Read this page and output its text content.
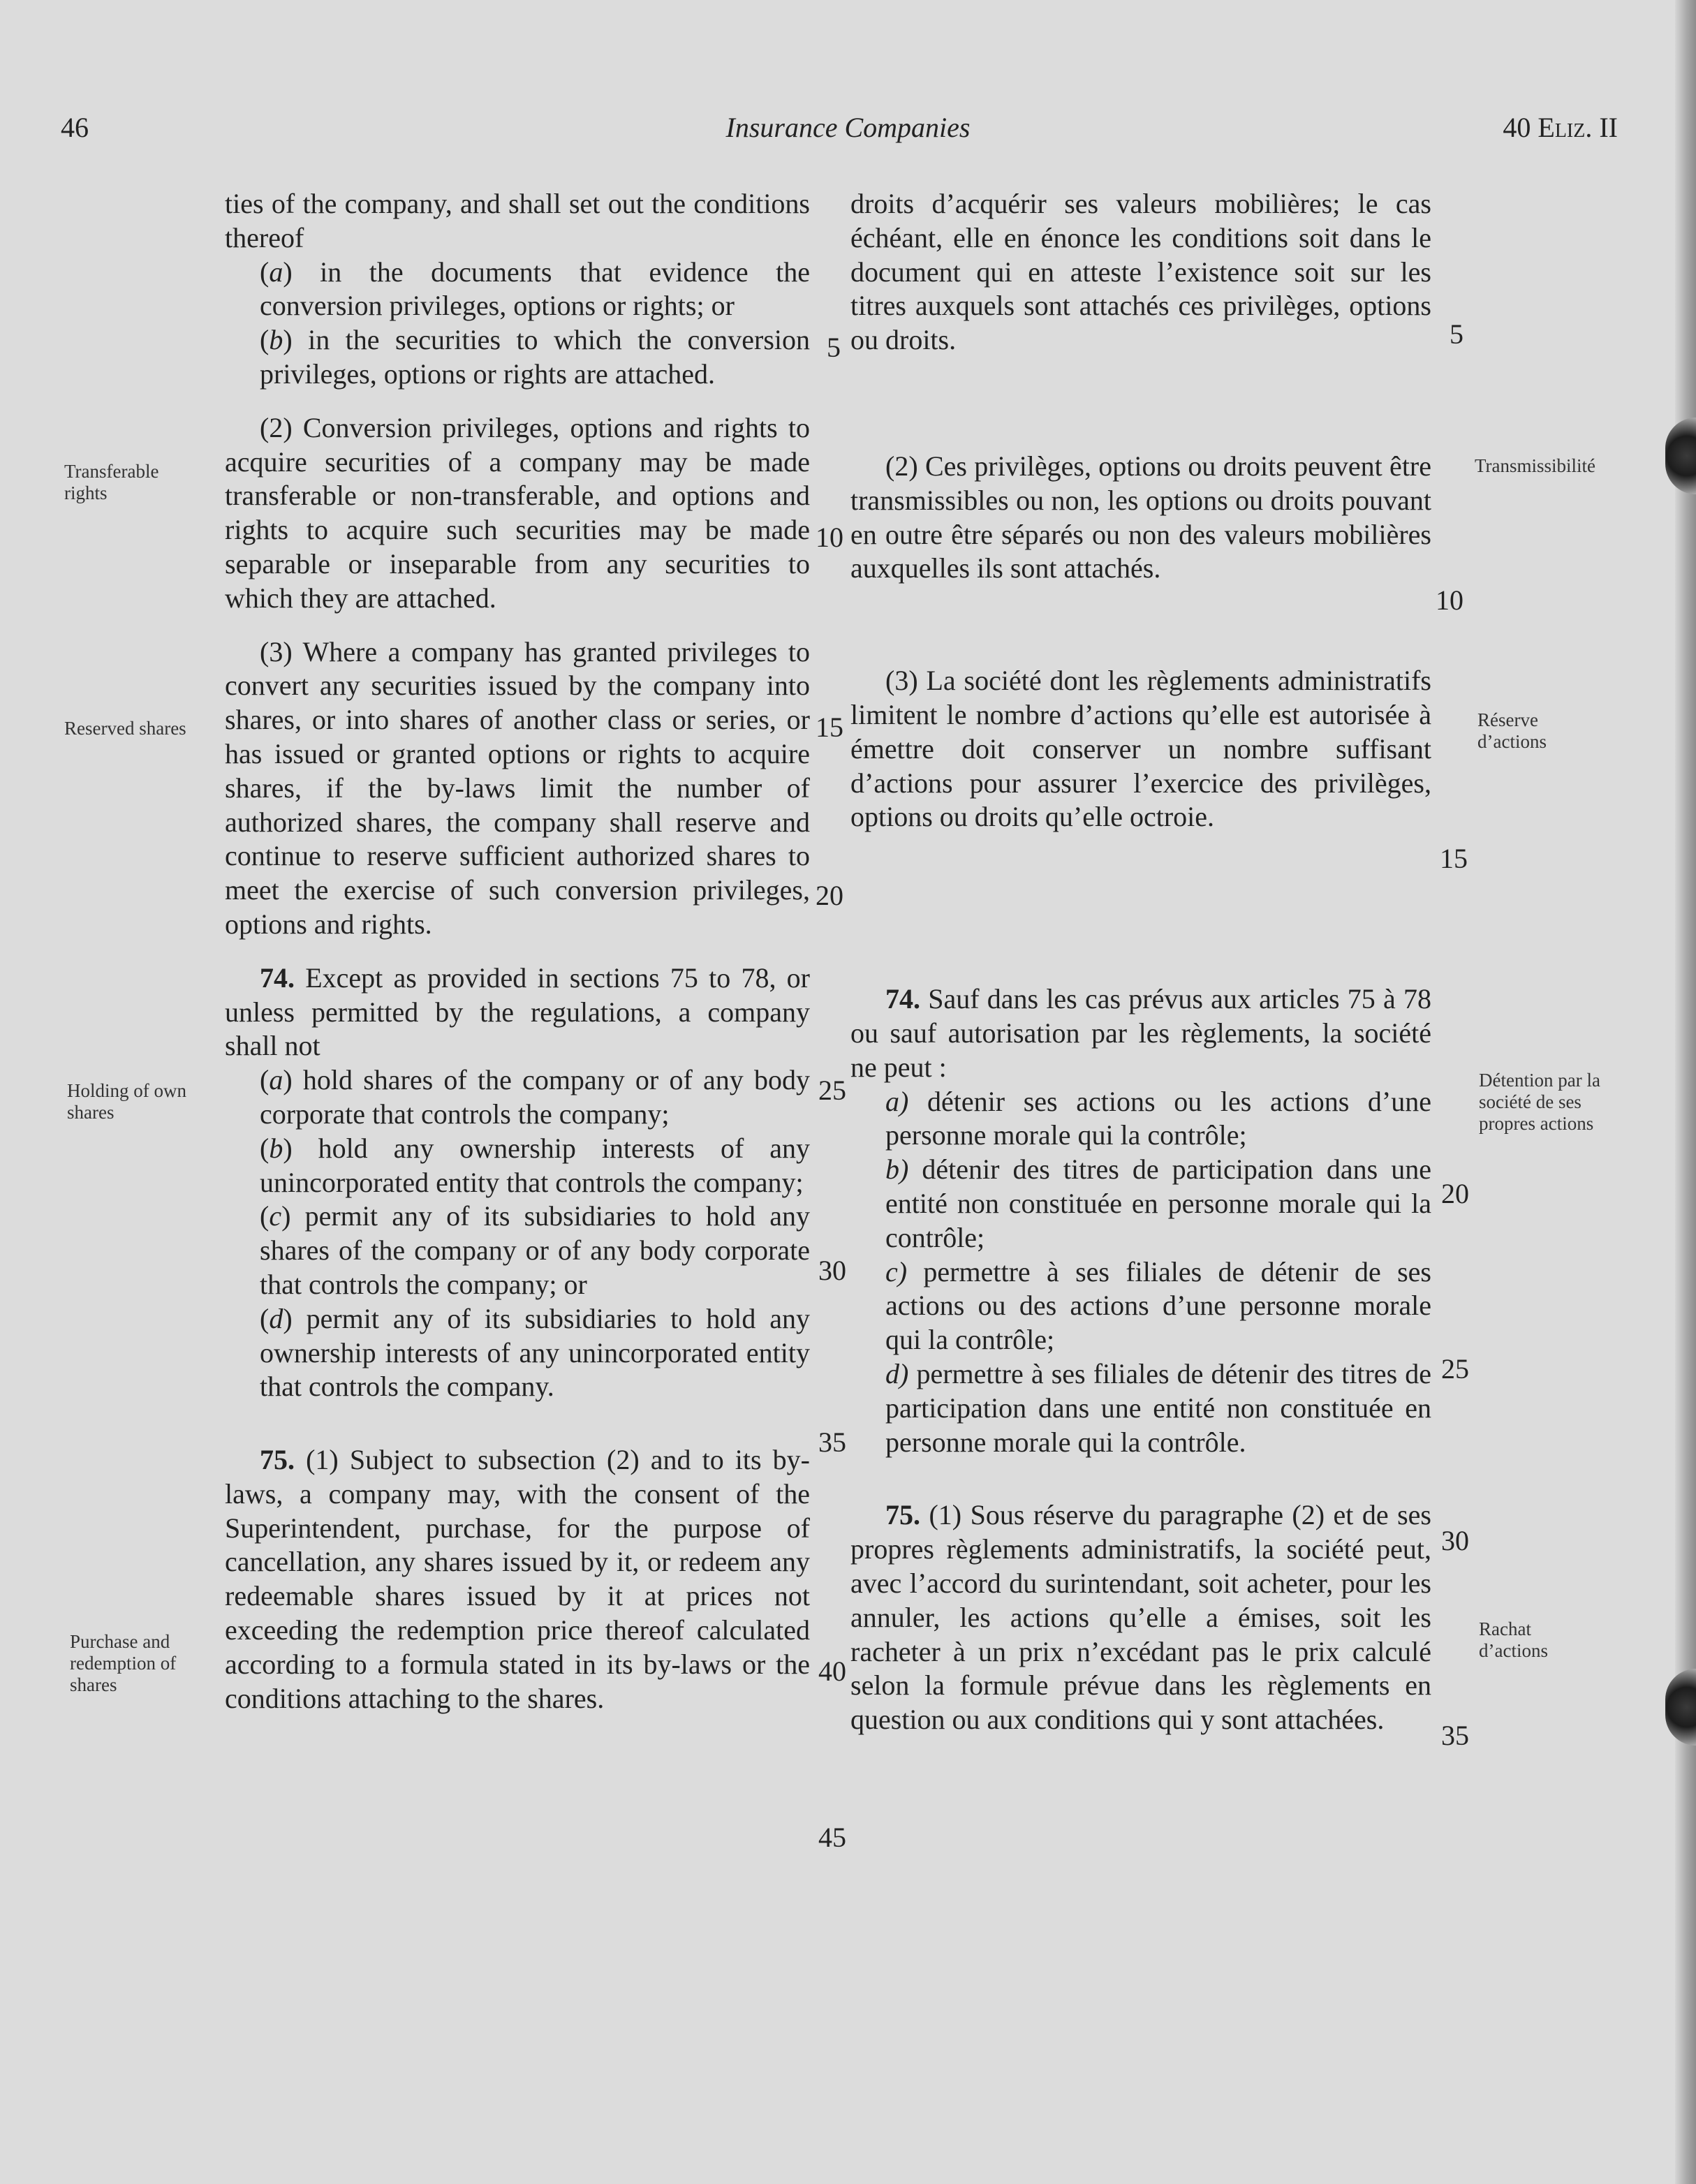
46	Insurance Companies	40 Eliz. II
Transferable rights
Reserved shares
Holding of own shares
Purchase and redemption of shares
Transmissibilité
Réserve d’actions
Détention par la société de ses propres actions
Rachat d’actions

ties of the company, and shall set out the conditions thereof

(a) in the documents that evidence the conversion privileges, options or rights; or

(b) in the securities to which the conversion privileges, options or rights are attached.

(2) Conversion privileges, options and rights to acquire securities of a company may be made transferable or non-transferable, and options and rights to acquire such securities may be made separable or inseparable from any securities to which they are attached.

(3) Where a company has granted privileges to convert any securities issued by the company into shares, or into shares of another class or series, or has issued or granted options or rights to acquire shares, if the by-laws limit the number of authorized shares, the company shall reserve and continue to reserve sufficient authorized shares to meet the exercise of such conversion privileges, options and rights.

74. Except as provided in sections 75 to 78, or unless permitted by the regulations, a company shall not

(a) hold shares of the company or of any body corporate that controls the company;

(b) hold any ownership interests of any unincorporated entity that controls the company;

(c) permit any of its subsidiaries to hold any shares of the company or of any body corporate that controls the company; or

(d) permit any of its subsidiaries to hold any ownership interests of any unincorporated entity that controls the company.

75. (1) Subject to subsection (2) and to its by-laws, a company may, with the consent of the Superintendent, purchase, for the purpose of cancellation, any shares issued by it, or redeem any redeemable shares issued by it at prices not exceeding the redemption price thereof calculated according to a formula stated in its by-laws or the conditions attaching to the shares.

droits d’acquérir ses valeurs mobilières; le cas échéant, elle en énonce les conditions soit dans le document qui en atteste l’existence soit sur les titres auxquels sont attachés ces privilèges, options ou droits.

(2) Ces privilèges, options ou droits peuvent être transmissibles ou non, les options ou droits pouvant en outre être séparés ou non des valeurs mobilières auxquelles ils sont attachés.

(3) La société dont les règlements administratifs limitent le nombre d’actions qu’elle est autorisée à émettre doit conserver un nombre suffisant d’actions pour assurer l’exercice des privilèges, options ou droits qu’elle octroie.

74. Sauf dans les cas prévus aux articles 75 à 78 ou sauf autorisation par les règlements, la société ne peut :

a) détenir ses actions ou les actions d’une personne morale qui la contrôle;

b) détenir des titres de participation dans une entité non constituée en personne morale qui la contrôle;

c) permettre à ses filiales de détenir de ses actions ou des actions d’une personne morale qui la contrôle;

d) permettre à ses filiales de détenir des titres de participation dans une entité non constituée en personne morale qui la contrôle.

75. (1) Sous réserve du paragraphe (2) et de ses propres règlements administratifs, la société peut, avec l’accord du surintendant, soit acheter, pour les annuler, les actions qu’elle a émises, soit les racheter à un prix n’excédant pas le prix calculé selon la formule prévue dans les règlements en question ou aux conditions qui y sont attachées.

5
10
15
20
25
30
35
40
45
5
10
15
20
25
30
35
